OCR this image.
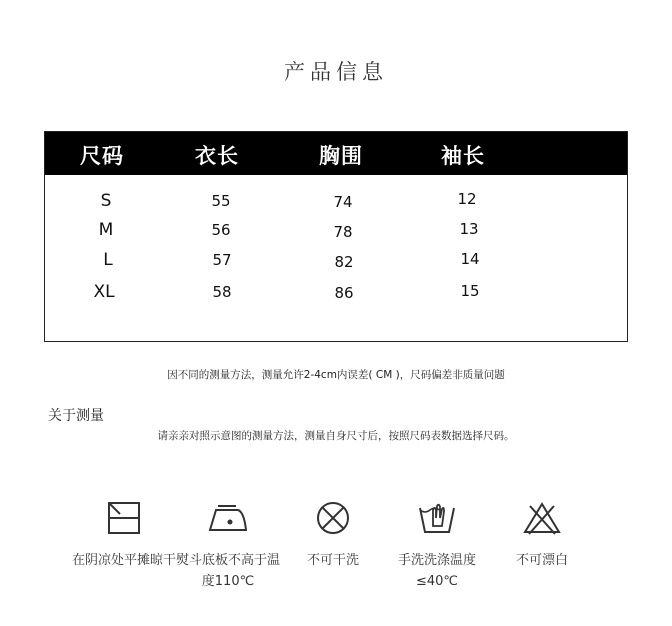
产品信息
尺码	衣长	胸围	袖长
S	55	74	12
M	56	78	13
L	57	82	14
XL	58	86	15
因不同的测量方法，测量允许2-4cm内误差( CM )，尺码偏差非质量问题
关于测量
请亲亲对照示意图的测量方法，测量自身尺寸后，按照尺码表数据选择尺码。
在阴凉处平摊晾干 熨斗底板不高于温度110℃
不可干洗	手洗洗涤温度≤40℃
不可漂白
